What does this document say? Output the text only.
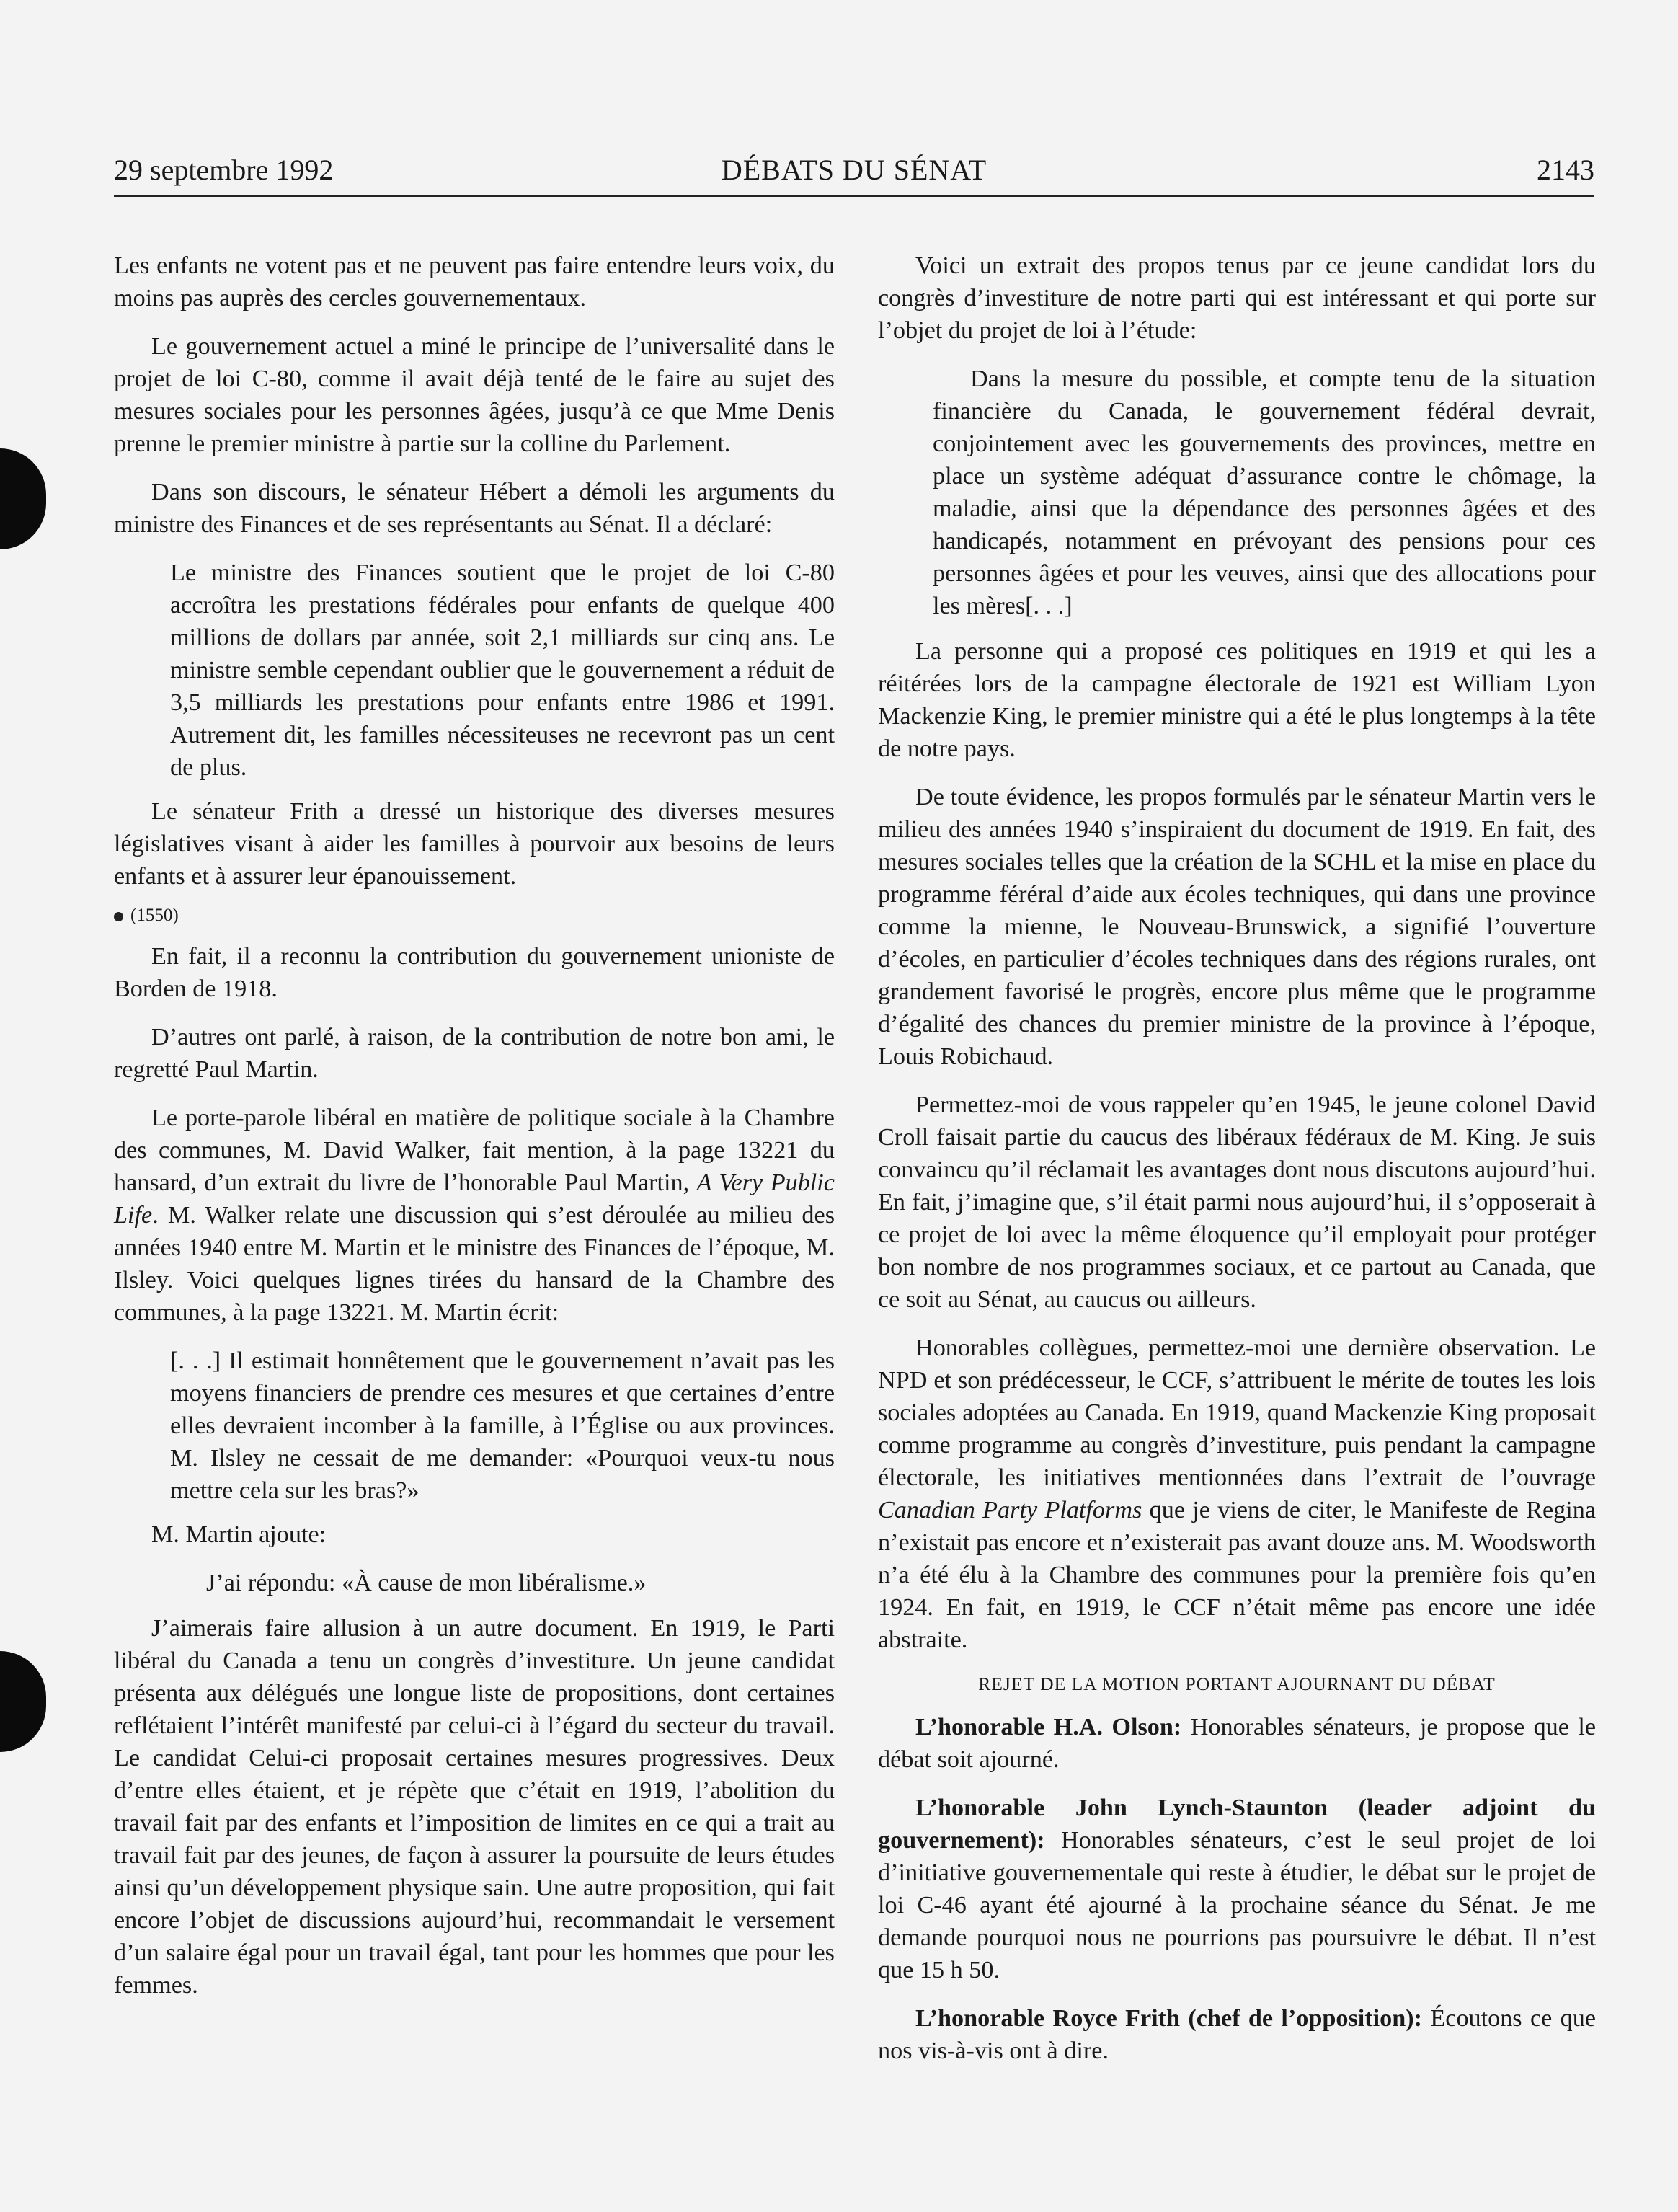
29 septembre 1992	DÉBATS DU SÉNAT	2143

Les enfants ne votent pas et ne peuvent pas faire entendre leurs voix, du moins pas auprès des cercles gouvernementaux.

Le gouvernement actuel a miné le principe de l’universalité dans le projet de loi C-80, comme il avait déjà tenté de le faire au sujet des mesures sociales pour les personnes âgées, jusqu’à ce que Mme Denis prenne le premier ministre à partie sur la colline du Parlement.

Dans son discours, le sénateur Hébert a démoli les arguments du ministre des Finances et de ses représentants au Sénat. Il a déclaré:

Le ministre des Finances soutient que le projet de loi C-80 accroîtra les prestations fédérales pour enfants de quelque 400 millions de dollars par année, soit 2,1 milliards sur cinq ans. Le ministre semble cependant oublier que le gouvernement a réduit de 3,5 milliards les prestations pour enfants entre 1986 et 1991. Autrement dit, les familles nécessiteuses ne recevront pas un cent de plus.

Le sénateur Frith a dressé un historique des diverses mesures législatives visant à aider les familles à pourvoir aux besoins de leurs enfants et à assurer leur épanouissement.

(1550)

En fait, il a reconnu la contribution du gouvernement unioniste de Borden de 1918.

D’autres ont parlé, à raison, de la contribution de notre bon ami, le regretté Paul Martin.

Le porte-parole libéral en matière de politique sociale à la Chambre des communes, M. David Walker, fait mention, à la page 13221 du hansard, d’un extrait du livre de l’honorable Paul Martin, A Very Public Life. M. Walker relate une discussion qui s’est déroulée au milieu des années 1940 entre M. Martin et le ministre des Finances de l’époque, M. Ilsley. Voici quelques lignes tirées du hansard de la Chambre des communes, à la page 13221. M. Martin écrit:

[. . .] Il estimait honnêtement que le gouvernement n’avait pas les moyens financiers de prendre ces mesures et que certaines d’entre elles devraient incomber à la famille, à l’Église ou aux provinces. M. Ilsley ne cessait de me demander: «Pourquoi veux-tu nous mettre cela sur les bras?»

M. Martin ajoute:

J’ai répondu: «À cause de mon libéralisme.»

J’aimerais faire allusion à un autre document. En 1919, le Parti libéral du Canada a tenu un congrès d’investiture. Un jeune candidat présenta aux délégués une longue liste de propositions, dont certaines reflétaient l’intérêt manifesté par celui-ci à l’égard du secteur du travail. Le candidat Celui-ci proposait certaines mesures progressives. Deux d’entre elles étaient, et je répète que c’était en 1919, l’abolition du travail fait par des enfants et l’imposition de limites en ce qui a trait au travail fait par des jeunes, de façon à assurer la poursuite de leurs études ainsi qu’un développement physique sain. Une autre proposition, qui fait encore l’objet de discussions aujourd’hui, recommandait le versement d’un salaire égal pour un travail égal, tant pour les hommes que pour les femmes.

Voici un extrait des propos tenus par ce jeune candidat lors du congrès d’investiture de notre parti qui est intéressant et qui porte sur l’objet du projet de loi à l’étude:

Dans la mesure du possible, et compte tenu de la situation financière du Canada, le gouvernement fédéral devrait, conjointement avec les gouvernements des provinces, mettre en place un système adéquat d’assurance contre le chômage, la maladie, ainsi que la dépendance des personnes âgées et des handicapés, notamment en prévoyant des pensions pour ces personnes âgées et pour les veuves, ainsi que des allocations pour les mères[. . .]

La personne qui a proposé ces politiques en 1919 et qui les a réitérées lors de la campagne électorale de 1921 est William Lyon Mackenzie King, le premier ministre qui a été le plus longtemps à la tête de notre pays.

De toute évidence, les propos formulés par le sénateur Martin vers le milieu des années 1940 s’inspiraient du document de 1919. En fait, des mesures sociales telles que la création de la SCHL et la mise en place du programme féréral d’aide aux écoles techniques, qui dans une province comme la mienne, le Nouveau-Brunswick, a signifié l’ouverture d’écoles, en particulier d’écoles techniques dans des régions rurales, ont grandement favorisé le progrès, encore plus même que le programme d’égalité des chances du premier ministre de la province à l’époque, Louis Robichaud.

Permettez-moi de vous rappeler qu’en 1945, le jeune colonel David Croll faisait partie du caucus des libéraux fédéraux de M. King. Je suis convaincu qu’il réclamait les avantages dont nous discutons aujourd’hui. En fait, j’imagine que, s’il était parmi nous aujourd’hui, il s’opposerait à ce projet de loi avec la même éloquence qu’il employait pour protéger bon nombre de nos programmes sociaux, et ce partout au Canada, que ce soit au Sénat, au caucus ou ailleurs.

Honorables collègues, permettez-moi une dernière observation. Le NPD et son prédécesseur, le CCF, s’attribuent le mérite de toutes les lois sociales adoptées au Canada. En 1919, quand Mackenzie King proposait comme programme au congrès d’investiture, puis pendant la campagne électorale, les initiatives mentionnées dans l’extrait de l’ouvrage Canadian Party Platforms que je viens de citer, le Manifeste de Regina n’existait pas encore et n’existerait pas avant douze ans. M. Woodsworth n’a été élu à la Chambre des communes pour la première fois qu’en 1924. En fait, en 1919, le CCF n’était même pas encore une idée abstraite.

REJET DE LA MOTION PORTANT AJOURNANT DU DÉBAT

L’honorable H.A. Olson: Honorables sénateurs, je propose que le débat soit ajourné.

L’honorable John Lynch-Staunton (leader adjoint du gouvernement): Honorables sénateurs, c’est le seul projet de loi d’initiative gouvernementale qui reste à étudier, le débat sur le projet de loi C-46 ayant été ajourné à la prochaine séance du Sénat. Je me demande pourquoi nous ne pourrions pas poursuivre le débat. Il n’est que 15 h 50.

L’honorable Royce Frith (chef de l’opposition): Écoutons ce que nos vis-à-vis ont à dire.
